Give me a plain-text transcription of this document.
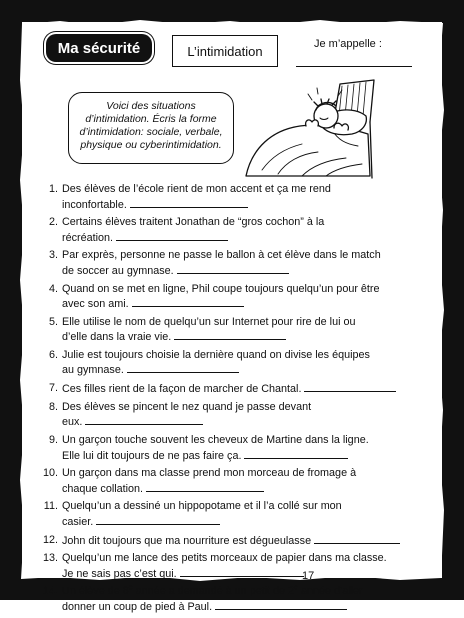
Ma sécurité	L’intimidation	Je m’appelle :
Voici des situations
d’intimidation. Écris la forme
d’intimidation: sociale, verbale,
physique ou cyberintimidation.
1. Des élèves de l’école rient de mon accent et ça me rend
inconfortable.
2. Certains élèves traitent Jonathan de “gros cochon” à la
récréation.
3. Par exprès, personne ne passe le ballon à cet élève dans le match
de soccer au gymnase.
4. Quand on se met en ligne, Phil coupe toujours quelqu’un pour être
avec son ami.
5. Elle utilise le nom de quelqu’un sur Internet pour rire de lui ou
d’elle dans la vraie vie.
6. Julie est toujours choisie la dernière quand on divise les équipes
au gymnase.
7. Ces filles rient de la façon de marcher de Chantal.
8. Des élèves se pincent le nez quand je passe devant
eux.
9. Un garçon touche souvent les cheveux de Martine dans la ligne.
Elle lui dit toujours de ne pas faire ça.
10. Un garçon dans ma classe prend mon morceau de fromage à
chaque collation.
11. Quelqu’un a dessiné un hippopotame et il l’a collé sur mon
casier.
12. John dit toujours que ma nourriture est dégueulasse
13. Quelqu’un me lance des petits morceaux de papier dans ma classe.
Je ne sais pas c’est qui.
14. Un élève de 6e année a demandé à un petit de 2e année d’aller
donner un coup de pied à Paul.
17
